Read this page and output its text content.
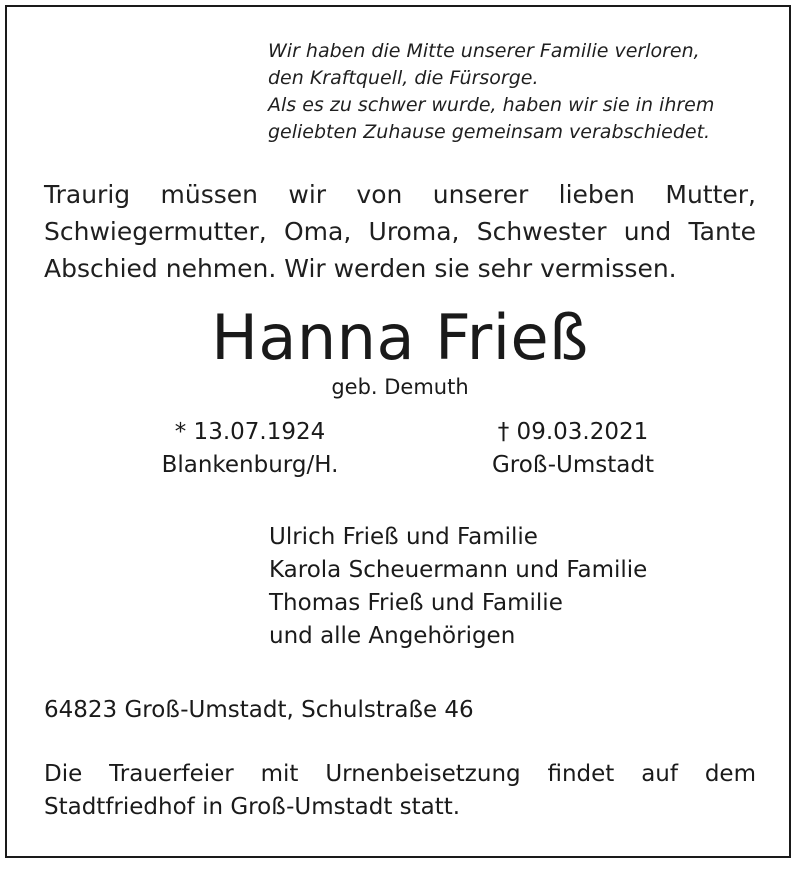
Wir haben die Mitte unserer Familie verloren,
den Kraftquell, die Fürsorge.
Als es zu schwer wurde, haben wir sie in ihrem
geliebten Zuhause gemeinsam verabschiedet.
Traurig müssen wir von unserer lieben Mutter,
Schwiegermutter, Oma, Uroma, Schwester und Tante
Abschied nehmen. Wir werden sie sehr vermissen.
Hanna Frieß
geb. Demuth
* 13.07.1924
Blankenburg/H.
† 09.03.2021
Groß-Umstadt
Ulrich Frieß und Familie
Karola Scheuermann und Familie
Thomas Frieß und Familie
und alle Angehörigen
64823 Groß-Umstadt, Schulstraße 46
Die Trauerfeier mit Urnenbeisetzung findet auf dem
Stadtfriedhof in Groß-Umstadt statt.
